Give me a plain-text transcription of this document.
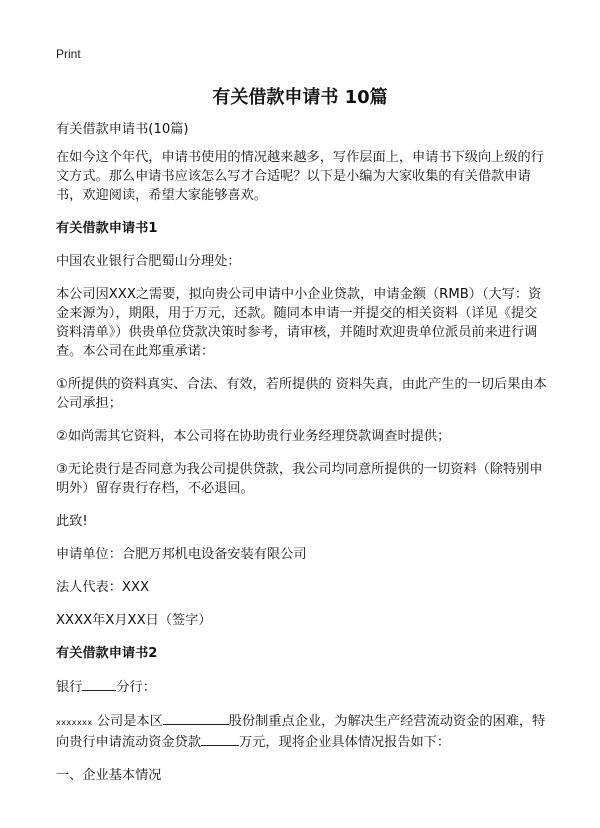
Print
有关借款申请书 10篇

有关借款申请书(10篇)

在如今这个年代，申请书使用的情况越来越多，写作层面上，申请书下级向上级的行文方式。那么申请书应该怎么写才合适呢？以下是小编为大家收集的有关借款申请书，欢迎阅读，希望大家能够喜欢。

有关借款申请书1

中国农业银行合肥蜀山分理处：

本公司因XXX之需要，拟向贵公司申请中小企业贷款，申请金额（RMB）（大写：资金来源为），期限，用于万元，还款。随同本申请一并提交的相关资料（详见《提交资料清单》）供贵单位贷款决策时参考，请审核，并随时欢迎贵单位派员前来进行调查。本公司在此郑重承诺：

①所提供的资料真实、合法、有效，若所提供的 资料失真，由此产生的一切后果由本公司承担；

②如尚需其它资料，本公司将在协助贵行业务经理贷款调查时提供；

③无论贵行是否同意为我公司提供贷款，我公司均同意所提供的一切资料（除特别申明外）留存贵行存档，不必退回。

此致!

申请单位：合肥万邦机电设备安装有限公司

法人代表：XXX

XXXX年X月XX日（签字）

有关借款申请书2

银行	分行：

xxxxxxx 公司是本区	股份制重点企业，为解决生产经营流动资金的困难，特向贵行申请流动资金贷款	万元，现将企业具体情况报告如下：

一、企业基本情况
